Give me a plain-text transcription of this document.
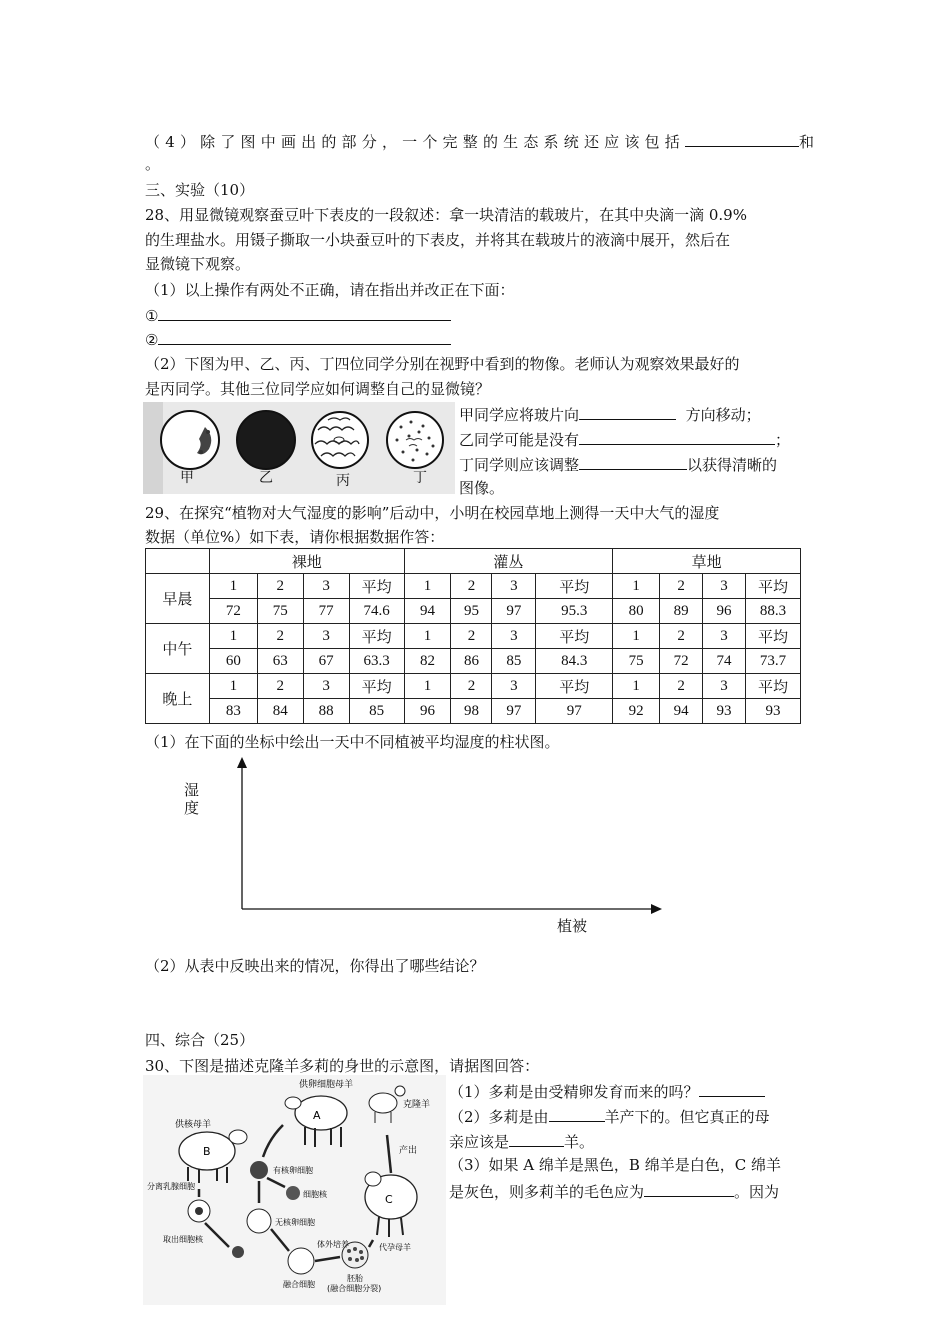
（4）除了图中画出的部分，一个完整的生态系统还应该包括	和
。
三、实验（10）
28、用显微镜观察蚕豆叶下表皮的一段叙述：拿一块清洁的载玻片，在其中央滴一滴 0.9%
的生理盐水。用镊子撕取一小块蚕豆叶的下表皮，并将其在载玻片的液滴中展开，然后在
显微镜下观察。
（1）以上操作有两处不正确，请在指出并改正在下面：
①
②
（2）下图为甲、乙、丙、丁四位同学分别在视野中看到的物像。老师认为观察效果最好的
是丙同学。其他三位同学应如何调整自己的显微镜？
甲	乙	丙	丁
甲同学应将玻片向	方向移动；
乙同学可能是没有	；
丁同学则应该调整	以获得清晰的
图像。
29、在探究“植物对大气湿度的影响”后动中，小明在校园草地上测得一天中大气的湿度
数据（单位%）如下表，请你根据数据作答：
	裸地				灌丛				草地			
早晨	1	2	3	平均	1	2	3	平均	1	2	3	平均
	72	75	77	74.6	94	95	97	95.3	80	89	96	88.3
中午	1	2	3	平均	1	2	3	平均	1	2	3	平均
	60	63	67	63.3	82	86	85	84.3	75	72	74	73.7
晚上	1	2	3	平均	1	2	3	平均	1	2	3	平均
	83	84	88	85	96	98	97	97	92	94	93	93
（1）在下面的坐标中绘出一天中不同植被平均湿度的柱状图。
湿
度
植被
（2）从表中反映出来的情况，你得出了哪些结论？
四、综合（25）
30、下图是描述克隆羊多莉的身世的示意图，请据图回答：
供卵细胞母羊
A
供核母羊
B
克隆羊
产出
分离乳腺细胞
有核卵细胞
细胞核
无核卵细胞
取出细胞核
体外培养
C
代孕母羊
融合细胞
胚胎
(融合细胞分裂)
（1）多莉是由受精卵发育而来的吗？
（2）多莉是由	羊产下的。但它真正的母
亲应该是	羊。
（3）如果 A 绵羊是黑色，B 绵羊是白色，C 绵羊
是灰色，则多莉羊的毛色应为	。因为
